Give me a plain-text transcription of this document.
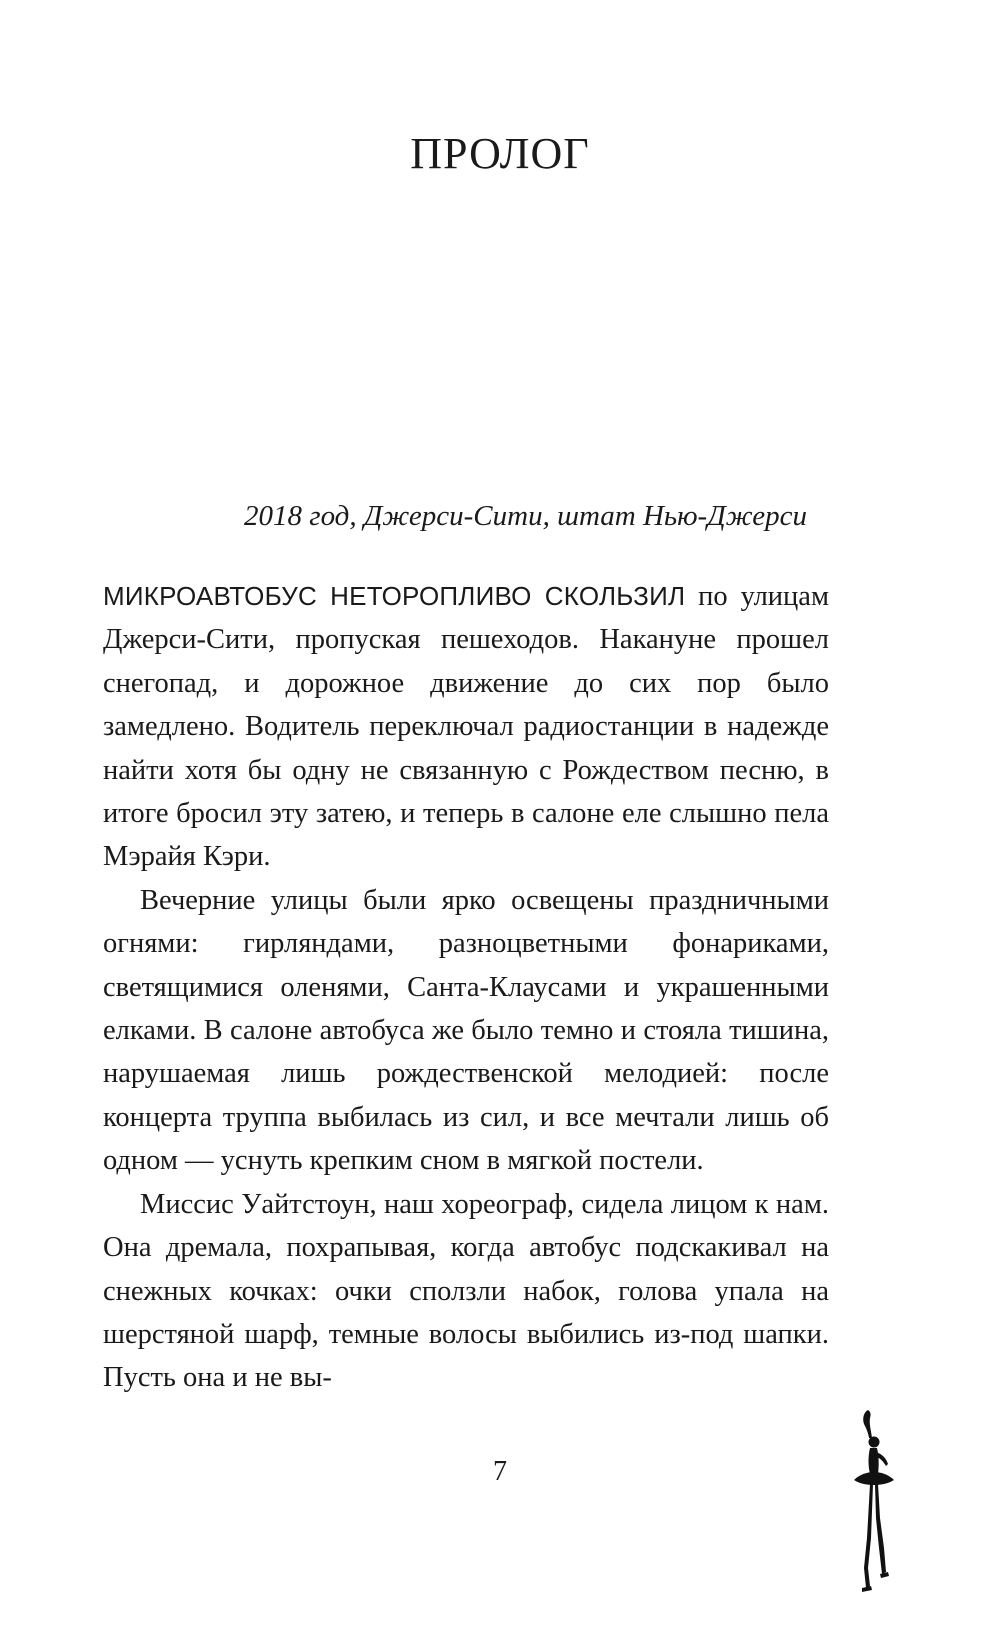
ПРОЛОГ

2018 год, Джерси-Сити, штат Нью-Джерси

МИКРОАВТОБУС НЕТОРОПЛИВО СКОЛЬЗИЛ по улицам Джерси-Сити, пропуская пешеходов. Накануне прошел снегопад, и дорожное движение до сих пор было замедлено. Водитель переключал радиостанции в надежде найти хотя бы одну не связанную с Рождеством песню, в итоге бросил эту затею, и теперь в салоне еле слышно пела Мэрайя Кэри.

Вечерние улицы были ярко освещены праздничными огнями: гирляндами, разноцветными фонариками, светящимися оленями, Санта-Клаусами и украшенными елками. В салоне автобуса же было темно и стояла тишина, нарушаемая лишь рождественской мелодией: после концерта труппа выбилась из сил, и все мечтали лишь об одном — уснуть крепким сном в мягкой постели.

Миссис Уайтстоун, наш хореограф, сидела лицом к нам. Она дремала, похрапывая, когда автобус подскакивал на снежных кочках: очки сползли набок, голова упала на шерстяной шарф, темные волосы выбились из-под шапки. Пусть она и не вы-

7
